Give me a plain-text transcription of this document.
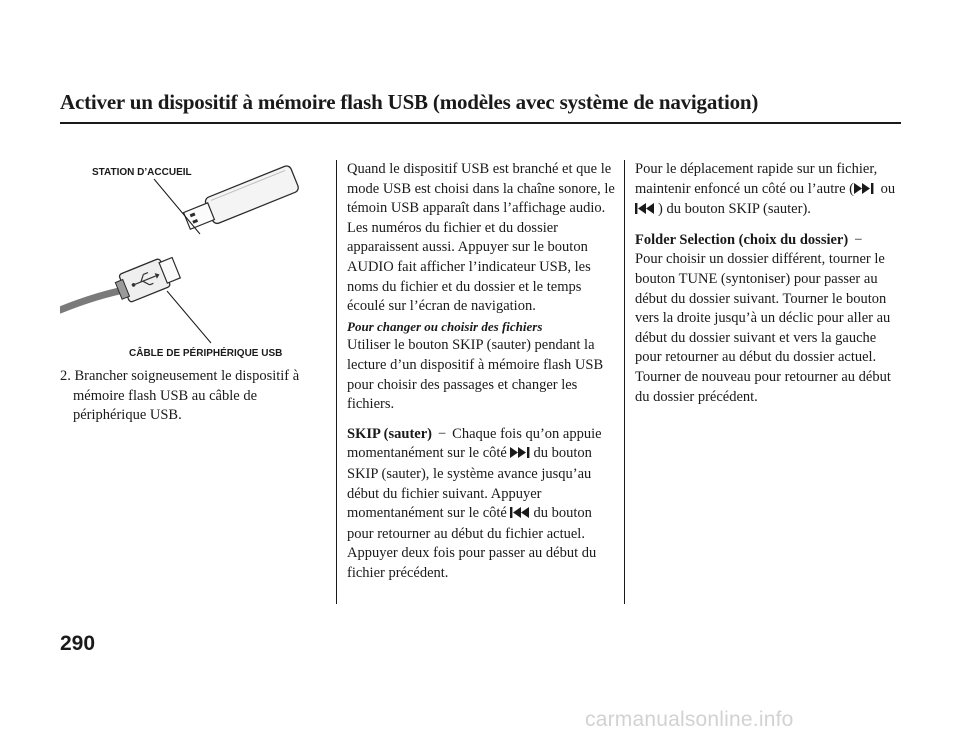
Activer un dispositif à mémoire flash USB (modèles avec système de navigation)
STATION D’ACCUEIL
CÂBLE DE PÉRIPHÉRIQUE USB
2. Brancher soigneusement le dispositif à mémoire flash USB au câble de périphérique USB.

Quand le dispositif USB est branché et que le mode USB est choisi dans la chaîne sonore, le témoin USB apparaît dans l’affichage audio. Les numéros du fichier et du dossier apparaissent aussi. Appuyer sur le bouton AUDIO fait afficher l’indicateur USB, les noms du fichier et du dossier et le temps écoulé sur l’écran de navigation.

Pour changer ou choisir des fichiers

Utiliser le bouton SKIP (sauter) pendant la lecture d’un dispositif à mémoire flash USB pour choisir des passages et changer les fichiers.

SKIP (sauter) − Chaque fois qu’on appuie momentanément sur le côté du bouton SKIP (sauter), le système avance jusqu’au début du fichier suivant. Appuyer momentanément sur le côté du bouton pour retourner au début du fichier actuel. Appuyer deux fois pour passer au début du fichier précédent.

Pour le déplacement rapide sur un fichier, maintenir enfoncé un côté ou l’autre ( ou) du bouton SKIP (sauter).

Folder Selection (choix du dossier) −
Pour choisir un dossier différent, tourner le bouton TUNE (syntoniser) pour passer au début du dossier suivant. Tourner le bouton vers la droite jusqu’à un déclic pour aller au début du dossier suivant et vers la gauche pour retourner au début du dossier actuel. Tourner de nouveau pour retourner au début du dossier précédent.

290
carmanualsonline.info
